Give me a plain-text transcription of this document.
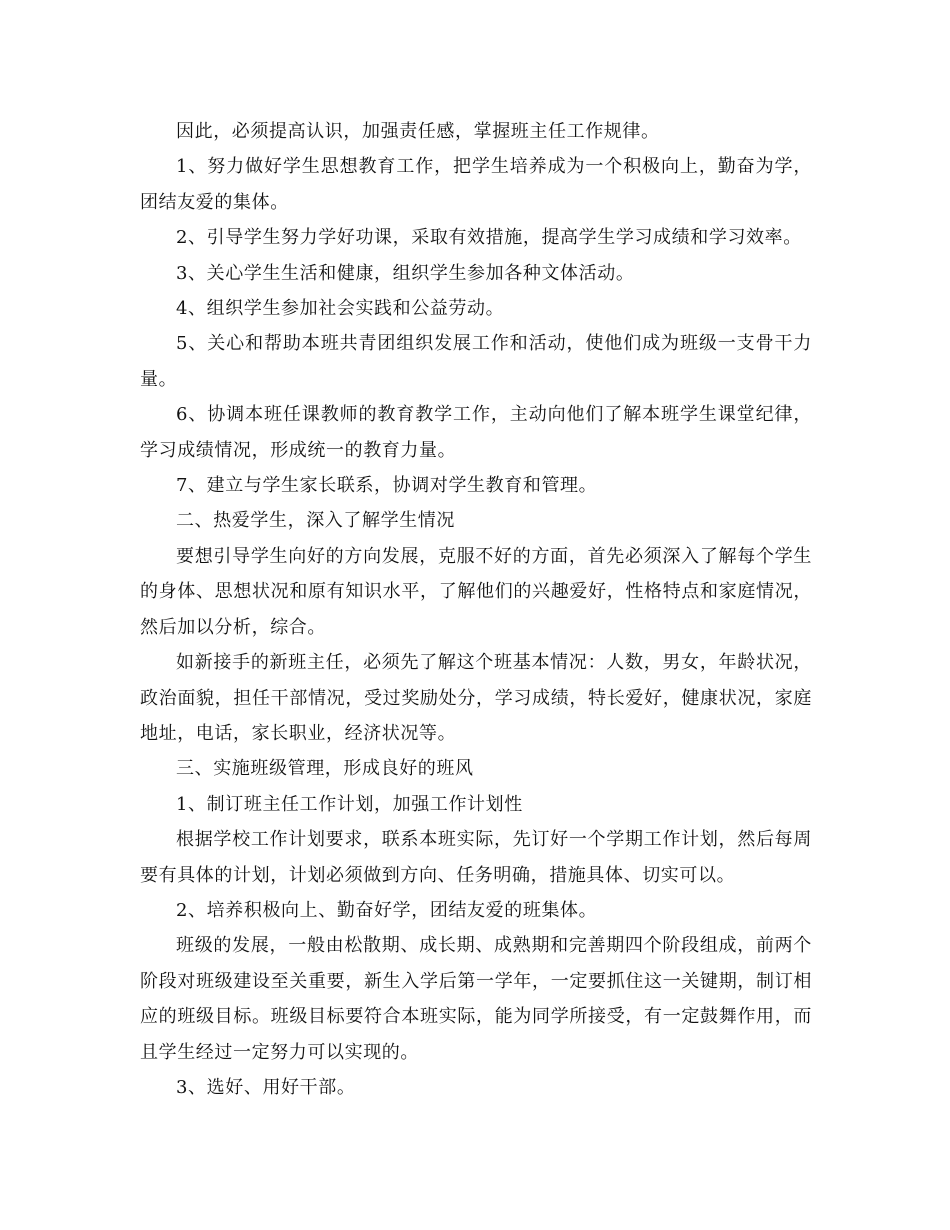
因此，必须提高认识，加强责任感，掌握班主任工作规律。

1、努力做好学生思想教育工作，把学生培养成为一个积极向上，勤奋为学，团结友爱的集体。

2、引导学生努力学好功课，采取有效措施，提高学生学习成绩和学习效率。

3、关心学生生活和健康，组织学生参加各种文体活动。

4、组织学生参加社会实践和公益劳动。

5、关心和帮助本班共青团组织发展工作和活动，使他们成为班级一支骨干力量。

6、协调本班任课教师的教育教学工作，主动向他们了解本班学生课堂纪律，学习成绩情况，形成统一的教育力量。

7、建立与学生家长联系，协调对学生教育和管理。

二、热爱学生，深入了解学生情况

要想引导学生向好的方向发展，克服不好的方面，首先必须深入了解每个学生的身体、思想状况和原有知识水平，了解他们的兴趣爱好，性格特点和家庭情况，然后加以分析，综合。

如新接手的新班主任，必须先了解这个班基本情况：人数，男女，年龄状况，政治面貌，担任干部情况，受过奖励处分，学习成绩，特长爱好，健康状况，家庭地址，电话，家长职业，经济状况等。

三、实施班级管理，形成良好的班风

1、制订班主任工作计划，加强工作计划性

根据学校工作计划要求，联系本班实际，先订好一个学期工作计划，然后每周要有具体的计划，计划必须做到方向、任务明确，措施具体、切实可以。

2、培养积极向上、勤奋好学，团结友爱的班集体。

班级的发展，一般由松散期、成长期、成熟期和完善期四个阶段组成，前两个阶段对班级建设至关重要，新生入学后第一学年，一定要抓住这一关键期，制订相应的班级目标。班级目标要符合本班实际，能为同学所接受，有一定鼓舞作用，而且学生经过一定努力可以实现的。

3、选好、用好干部。
